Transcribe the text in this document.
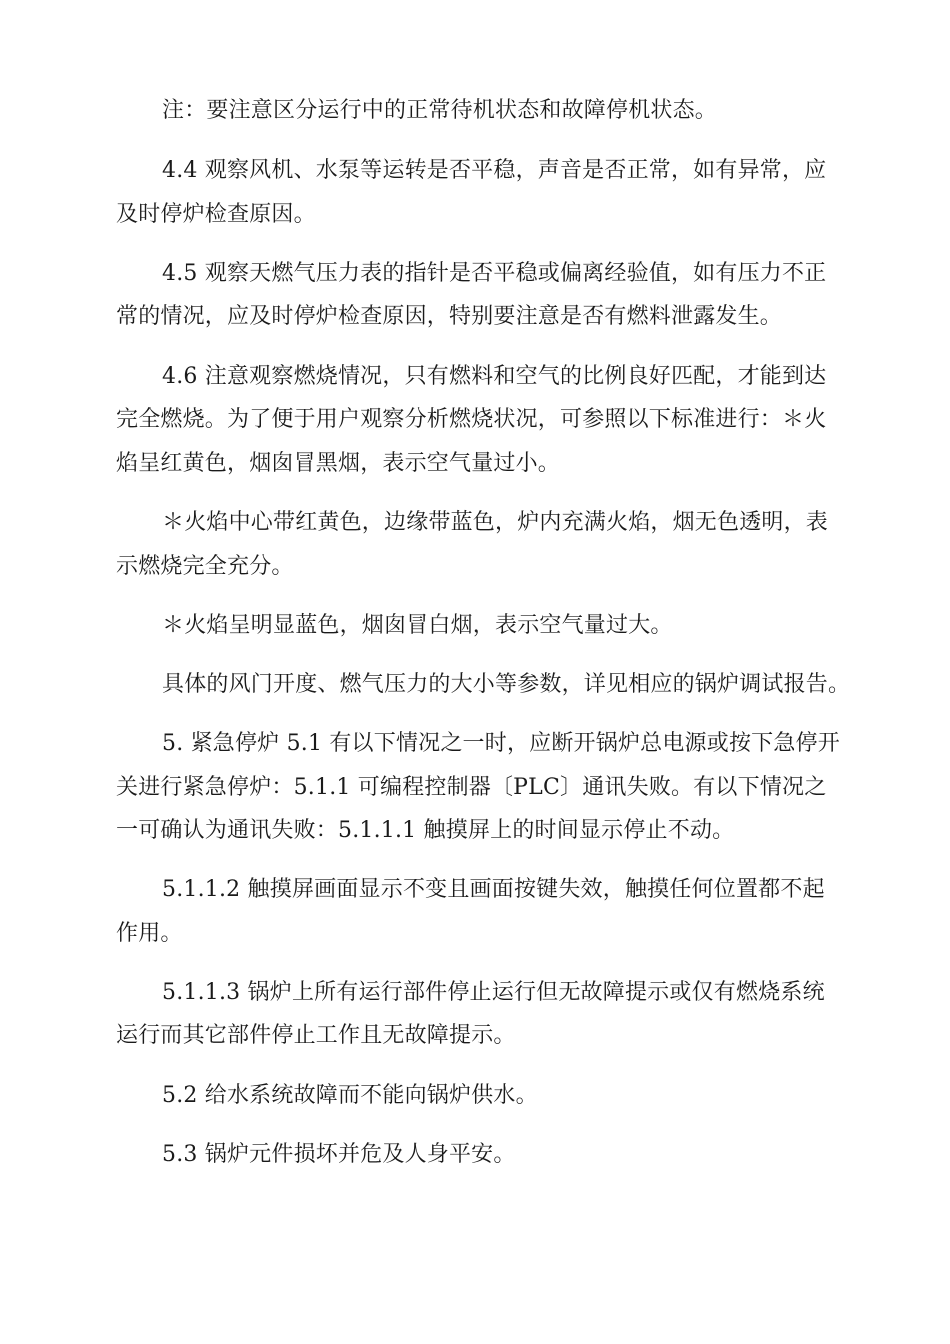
注：要注意区分运行中的正常待机状态和故障停机状态。
4.4 观察风机、水泵等运转是否平稳，声音是否正常，如有异常，应
及时停炉检查原因。
4.5 观察天燃气压力表的指针是否平稳或偏离经验值，如有压力不正
常的情况，应及时停炉检查原因，特别要注意是否有燃料泄露发生。
4.6 注意观察燃烧情况，只有燃料和空气的比例良好匹配，才能到达
完全燃烧。为了便于用户观察分析燃烧状况，可参照以下标准进行：＊火
焰呈红黄色，烟囱冒黑烟，表示空气量过小。
＊火焰中心带红黄色，边缘带蓝色，炉内充满火焰，烟无色透明，表
示燃烧完全充分。
＊火焰呈明显蓝色，烟囱冒白烟，表示空气量过大。
具体的风门开度、燃气压力的大小等参数，详见相应的锅炉调试报告。
5. 紧急停炉 5.1 有以下情况之一时，应断开锅炉总电源或按下急停开
关进行紧急停炉：5.1.1 可编程控制器〔PLC〕通讯失败。有以下情况之
一可确认为通讯失败：5.1.1.1 触摸屏上的时间显示停止不动。
5.1.1.2 触摸屏画面显示不变且画面按键失效，触摸任何位置都不起
作用。
5.1.1.3 锅炉上所有运行部件停止运行但无故障提示或仅有燃烧系统
运行而其它部件停止工作且无故障提示。
5.2 给水系统故障而不能向锅炉供水。
5.3 锅炉元件损坏并危及人身平安。
